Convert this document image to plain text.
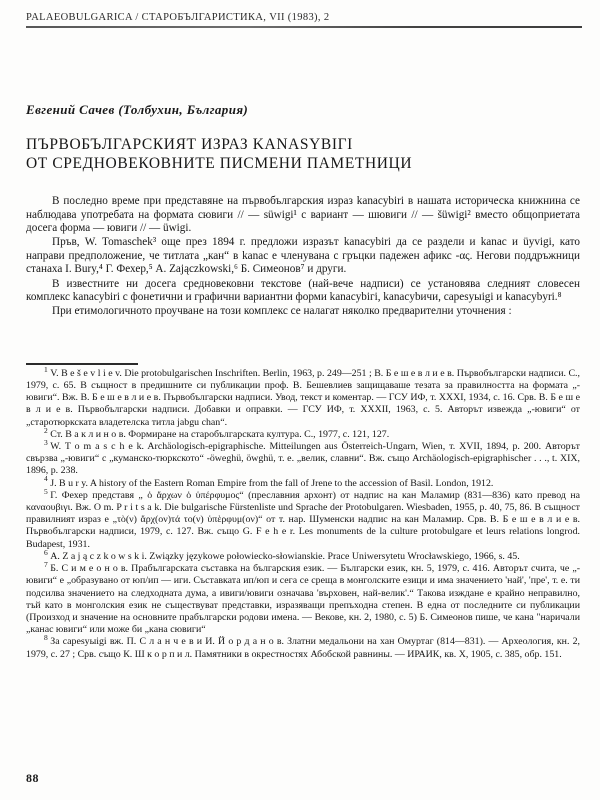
PALAEOBULGARICA / СТАРОБЪЛГАРИСТИКА, VII (1983), 2
Евгений Сачев (Толбухин, България)
ПЪРВОБЪЛГАРСКИЯТ ИЗРАЗ KANASYBIΓI
ОТ СРЕДНОВЕКОВНИТЕ ПИСМЕНИ ПАМЕТНИЦИ

В последно време при представяне на първобългарския израз kanacybiri в нашата историческа книжнина се наблюдава употребата на формата сювиги // — süwigi¹ с вариант — шювиги // — šüwigi² вместо общоприетата досега форма — ювиги // — üwigi.

Пръв, W. Tomaschek³ още през 1894 г. предложи изразът kanacybiri да се раздели и kanac и üyvigi, като направи предположение, че титлата „кан“ в kanac е членувана с гръцки падежен афикс -ας. Негови поддръжници станаха I. Bury,⁴ Г. Фехер,⁵ A. Zajączkowski,⁶ Б. Симеонов⁷ и други.

В известните ни досега средновековни текстове (най-вече надписи) се установява следният словесен комплекс kanacybiri с фонетични и графични вариантни форми kanacybiгi, kanacybичи, capesyыigi и kanacybyri.⁸

При етимологичното проучване на този комплекс се налагат няколко предварителни уточнения :

$^1$ V. B e š e v l i e v. Die protobulgarischen Inschriften. Berlin, 1963, p. 249—251 ; В. Б е ш е в л и е в. Първобългарски надписи. С., 1979, с. 65. В същност в предишните си публикации проф. В. Бешевлиев защищаваше тезата за правилността на формата „-ювиги“. Вж. В. Б е ш е в л и е в. Първобългарски надписи. Увод, текст и коментар. — ГСУ ИФ, т. XXXI, 1934, с. 16. Срв. В. Б е ш е в л и е в. Първобългарски надписи. Добавки и оправки. — ГСУ ИФ, т. XXXII, 1963, с. 5. Авторът извежда „-ювиги“ от „старотюркската владетелска титла jabgu chan“.

$^2$ Ст. В а к л и н о в. Формиране на старобългарската култура. С., 1977, с. 121, 127.

$^3$ W. T o m a s c h e k. Archäologisch-epigraphische. Mitteilungen aus Österreich-Ungarn, Wien, т. XVII, 1894, p. 200. Авторът свързва „-ювиги“ с „куманско-тюркското“ -öweghü, öwghü, т. е. „велик, славни“. Вж. също Archäologisch-epigraphischer . . ., t. XIX, 1896, p. 238.

$^4$ J. B u r y. A history of the Eastern Roman Empire from the fall of Jrene to the accession of Basil. London, 1912.

$^5$ Г. Фехер представя „ ὁ ἄρχων ὁ ὑπέρφυμος“ (преславния архонт) от надпис на кан Маламир (831—836) като превод на καναουβιγι. Вж. O m. P r i t s a k. Die bulgarische Fürstenliste und Sprache der Protobulgaren. Wiesbaden, 1955, p. 40, 75, 86. В същност правилният израз е „τὸ(ν) ἄρχ(ον)τά το(ν) ὑπὲρφυμ(ον)“ от т. нар. Шуменски надпис на кан Маламир. Срв. В. Б е ш е в л и е в. Първобългарски надписи, 1979, с. 127. Вж. също G. F e h e r. Les monuments de la culture protobulgare et leurs relations longrod. Budapest, 1931.

$^6$ A. Z a j ą c z k o w s k i. Związky językowe połowiecko-słowianskie. Prace Uniwersytetu Wrocławskiego, 1966, s. 45.

$^7$ Б. С и м е о н о в. Прабългарската съставка на българския език. — Български език, кн. 5, 1979, с. 416. Авторът счита, че „-ювиги“ е „образувано от юп/ип — иги. Съставката ип/юп и сега се среща в монголските езици и има значението 'най', 'пре', т. е. ти подсилва значението на следходната дума, а ивиги/ювиги означава 'върховен, най-велик'.“ Такова изждане е крайно неправилно, тъй като в монголския език не съществуват представки, изразяващи препъходна степен. В една от последните си публикации (Произход и значение на основните прабългарски родови имена. — Векове, кн. 2, 1980, с. 5) Б. Симеонов пише, че кана "наричали „канас ювиги“ или може би „кана сювиги“

$^8$ За capesyыigi вж. П. С л а н ч е в и И. Й о р д а н о в. Златни медальони на хан Омуртаг (814—831). — Археология, кн. 2, 1979, с. 27 ; Срв. също К. Ш к о р п и л. Памятники в окрестностях Абобской равнины. — ИРАИК, кв. X, 1905, с. 385, обр. 151.

88
